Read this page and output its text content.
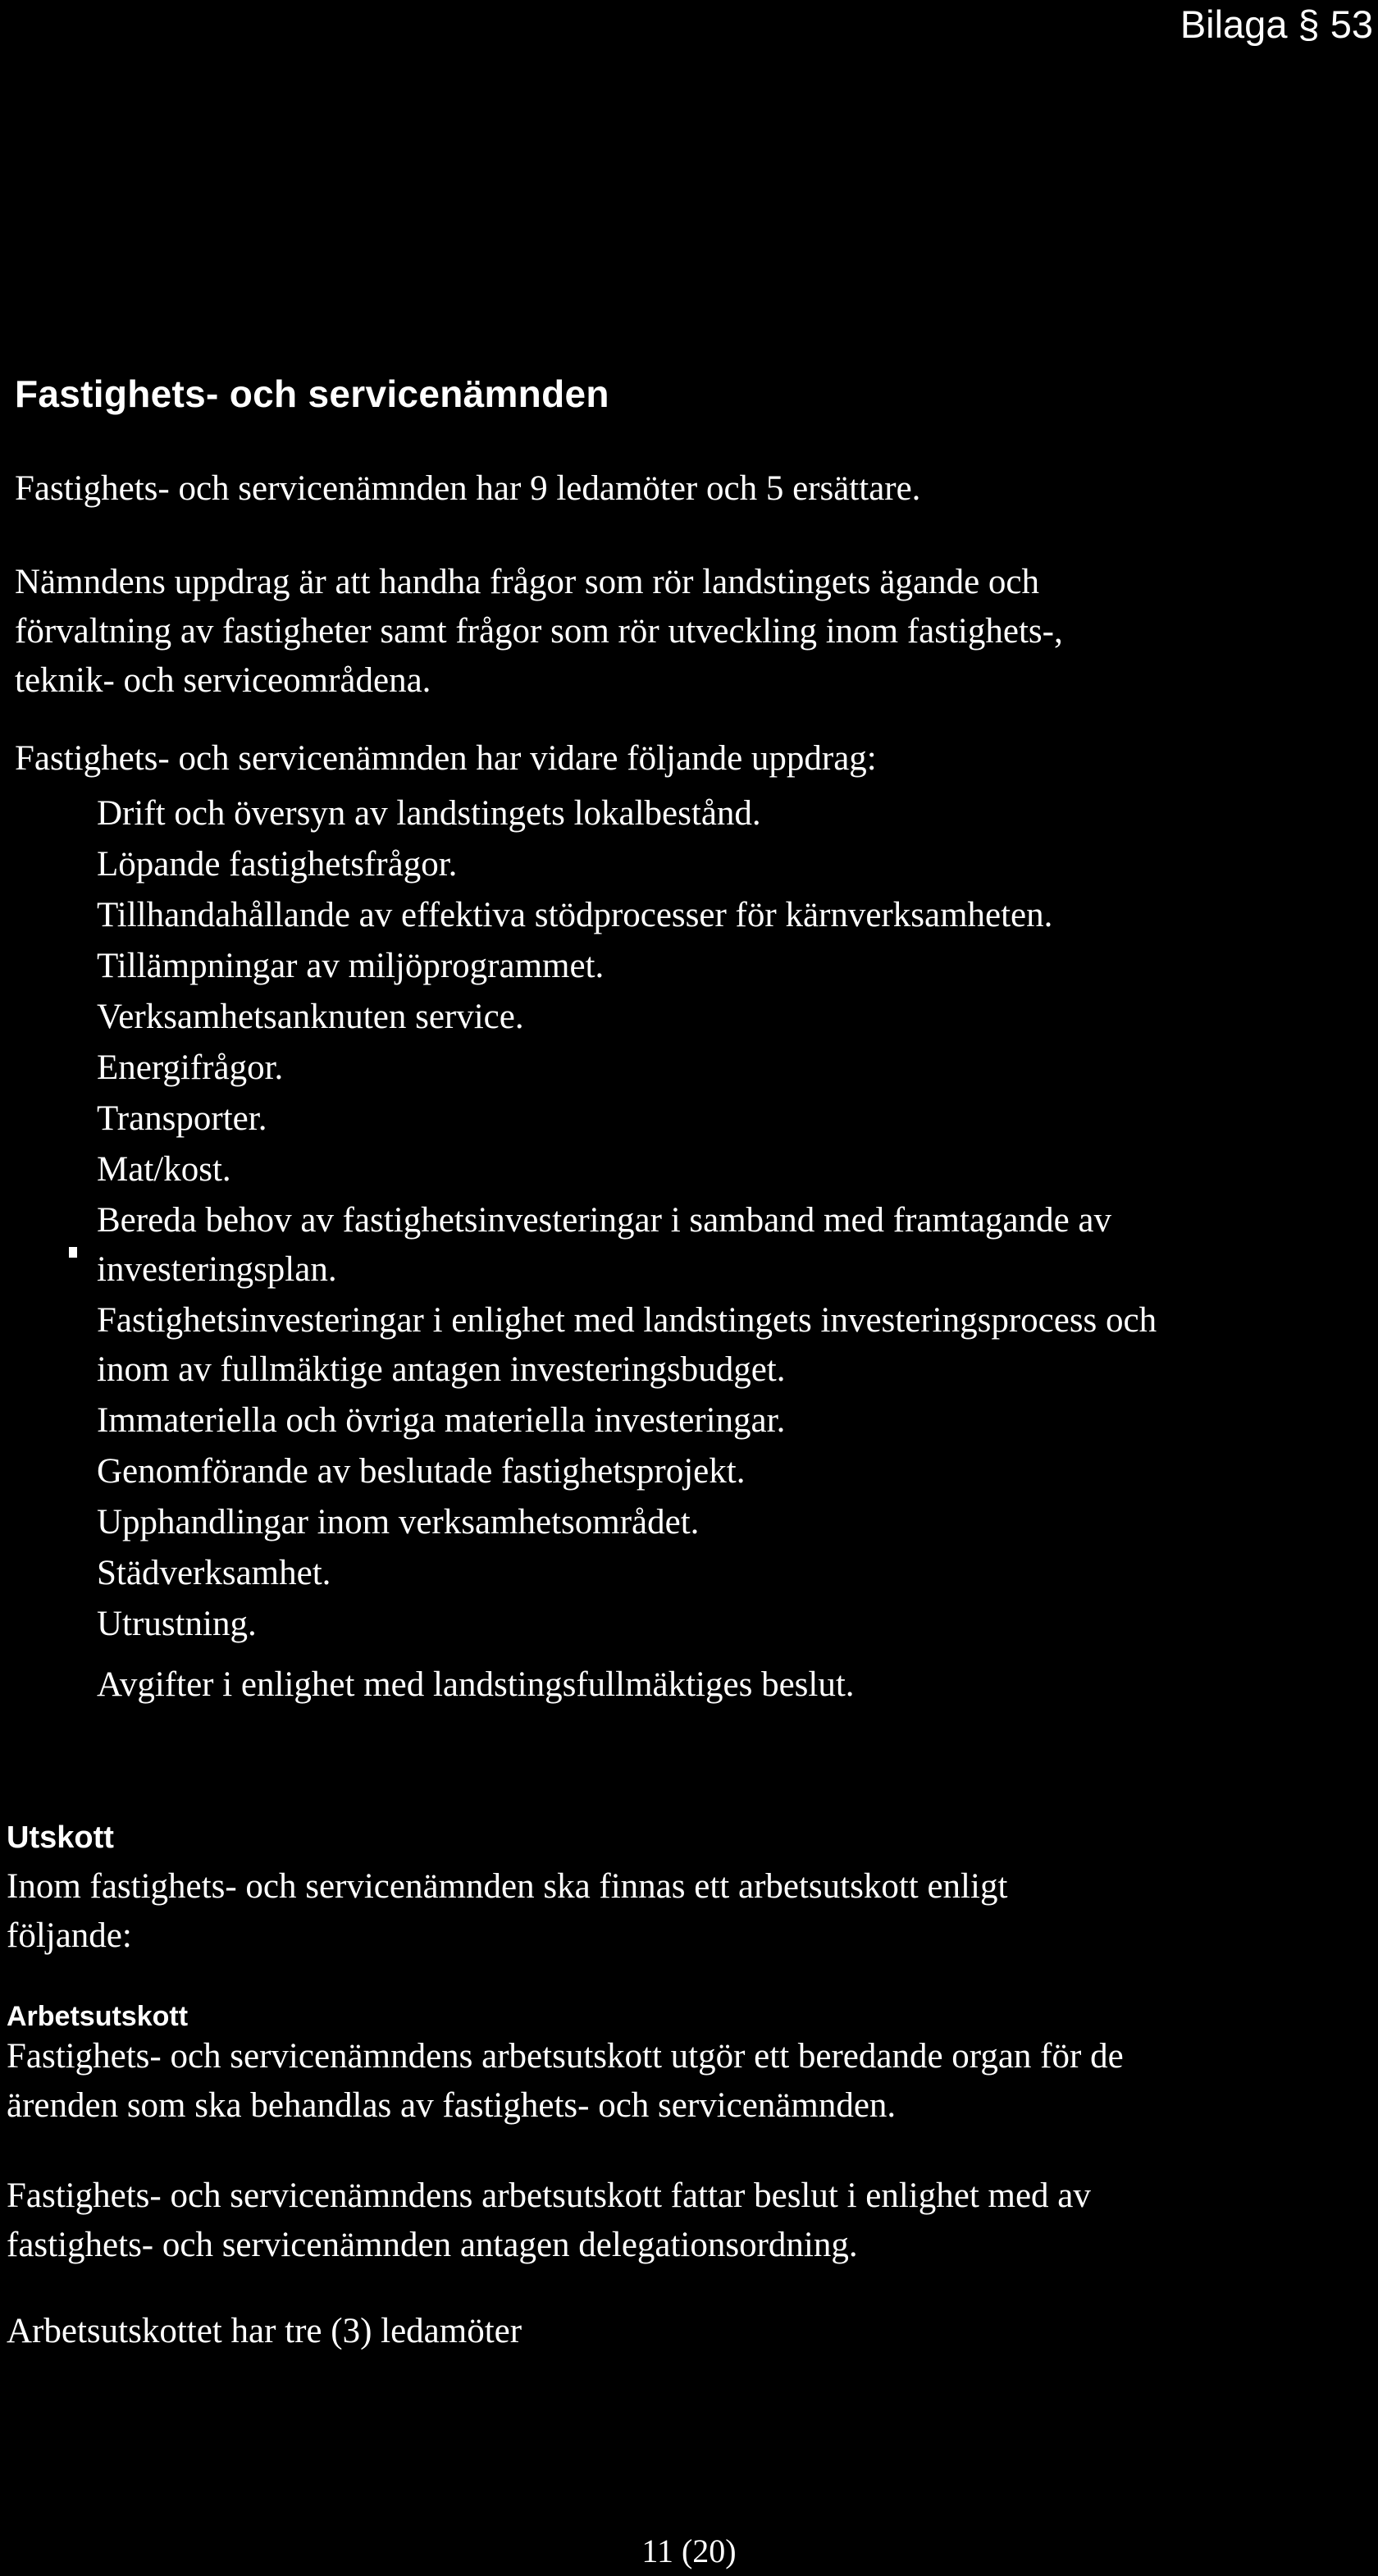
Bilaga § 53
Fastighets- och servicenämnden

Fastighets- och servicenämnden har 9 ledamöter och 5 ersättare.

Nämndens uppdrag är att handha frågor som rör landstingets ägande och
förvaltning av fastigheter samt frågor som rör utveckling inom fastighets-,
teknik- och serviceområdena.

Fastighets- och servicenämnden har vidare följande uppdrag:

Drift och översyn av landstingets lokalbestånd.
Löpande fastighetsfrågor.
Tillhandahållande av effektiva stödprocesser för kärnverksamheten.
Tillämpningar av miljöprogrammet.
Verksamhetsanknuten service.
Energifrågor.
Transporter.
Mat/kost.
Bereda behov av fastighetsinvesteringar i samband med framtagande av
investeringsplan.
Fastighetsinvesteringar i enlighet med landstingets investeringsprocess och
inom av fullmäktige antagen investeringsbudget.
Immateriella och övriga materiella investeringar.
Genomförande av beslutade fastighetsprojekt.
Upphandlingar inom verksamhetsområdet.
Städverksamhet.
Utrustning.
Avgifter i enlighet med landstingsfullmäktiges beslut.
Utskott

Inom fastighets- och servicenämnden ska finnas ett arbetsutskott enligt
följande:

Arbetsutskott

Fastighets- och servicenämndens arbetsutskott utgör ett beredande organ för de
ärenden som ska behandlas av fastighets- och servicenämnden.

Fastighets- och servicenämndens arbetsutskott fattar beslut i enlighet med av
fastighets- och servicenämnden antagen delegationsordning.

Arbetsutskottet har tre (3) ledamöter

11 (20)
